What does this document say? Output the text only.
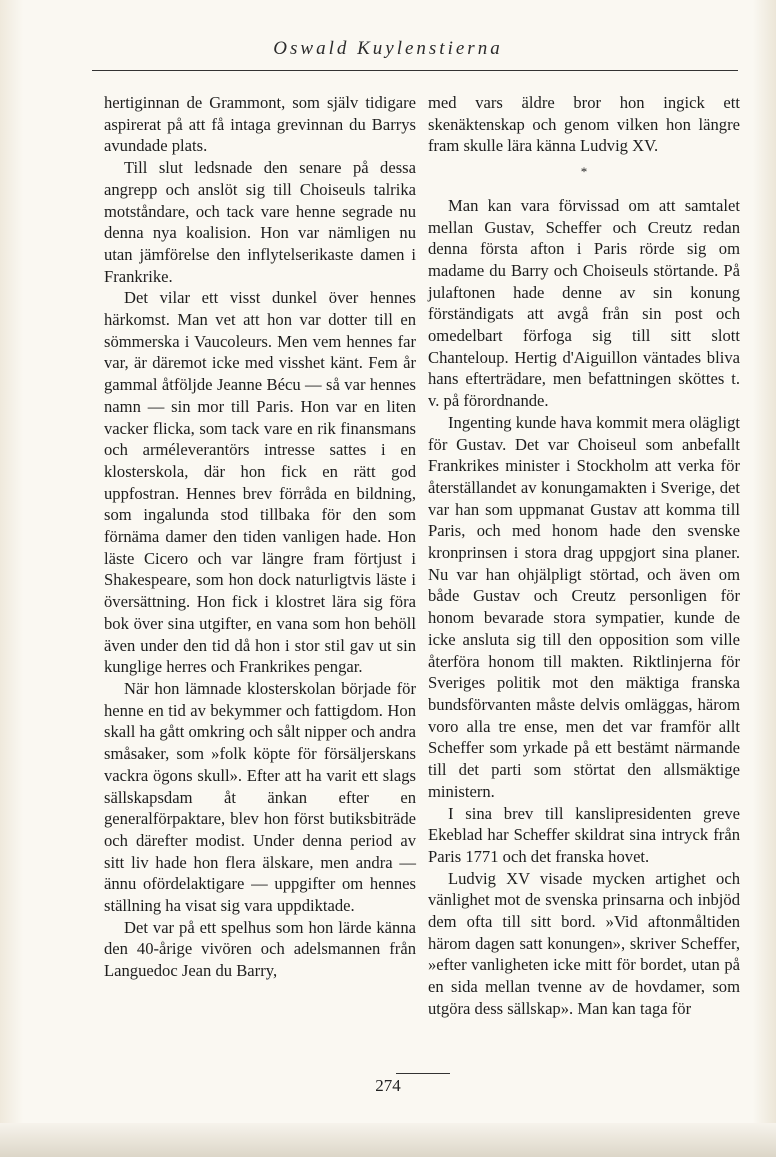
Oswald Kuylenstierna

hertiginnan de Grammont, som själv tidigare aspirerat på att få intaga grevinnan du Barrys avundade plats.

Till slut ledsnade den senare på dessa angrepp och anslöt sig till Choiseuls talrika motståndare, och tack vare henne segrade nu denna nya koalision. Hon var nämligen nu utan jämförelse den inflytelserikaste damen i Frankrike.

Det vilar ett visst dunkel över hennes härkomst. Man vet att hon var dotter till en sömmerska i Vaucoleurs. Men vem hennes far var, är däremot icke med visshet känt. Fem år gammal åtföljde Jeanne Bécu — så var hennes namn — sin mor till Paris. Hon var en liten vacker flicka, som tack vare en rik finansmans och arméleverantörs intresse sattes i en klosterskola, där hon fick en rätt god uppfostran. Hennes brev förråda en bildning, som ingalunda stod tillbaka för den som förnäma damer den tiden vanligen hade. Hon läste Cicero och var längre fram förtjust i Shakespeare, som hon dock naturligtvis läste i översättning. Hon fick i klostret lära sig föra bok över sina utgifter, en vana som hon behöll även under den tid då hon i stor stil gav ut sin kunglige herres och Frankrikes pengar.

När hon lämnade klosterskolan började för henne en tid av bekymmer och fattigdom. Hon skall ha gått omkring och sålt nipper och andra småsaker, som »folk köpte för försäljerskans vackra ögons skull». Efter att ha varit ett slags sällskapsdam åt änkan efter en generalförpaktare, blev hon först butiksbiträde och därefter modist. Under denna period av sitt liv hade hon flera älskare, men andra — ännu ofördelaktigare — uppgifter om hennes ställning ha visat sig vara uppdiktade.

Det var på ett spelhus som hon lärde känna den 40-årige vivören och adelsmannen från Languedoc Jean du Barry,

med vars äldre bror hon ingick ett skenäktenskap och genom vilken hon längre fram skulle lära känna Ludvig XV.

*

Man kan vara förvissad om att samtalet mellan Gustav, Scheffer och Creutz redan denna första afton i Paris rörde sig om madame du Barry och Choiseuls störtande. På julaftonen hade denne av sin konung förständigats att avgå från sin post och omedelbart förfoga sig till sitt slott Chanteloup. Hertig d'Aiguillon väntades bliva hans efterträdare, men befattningen sköttes t. v. på förordnande.

Ingenting kunde hava kommit mera olägligt för Gustav. Det var Choiseul som anbefallt Frankrikes minister i Stockholm att verka för återställandet av konungamakten i Sverige, det var han som uppmanat Gustav att komma till Paris, och med honom hade den svenske kronprinsen i stora drag uppgjort sina planer. Nu var han ohjälpligt störtad, och även om både Gustav och Creutz personligen för honom bevarade stora sympatier, kunde de icke ansluta sig till den opposition som ville återföra honom till makten. Riktlinjerna för Sveriges politik mot den mäktiga franska bundsförvanten måste delvis omläggas, härom voro alla tre ense, men det var framför allt Scheffer som yrkade på ett bestämt närmande till det parti som störtat den allsmäktige ministern.

I sina brev till kanslipresidenten greve Ekeblad har Scheffer skildrat sina intryck från Paris 1771 och det franska hovet.

Ludvig XV visade mycken artighet och vänlighet mot de svenska prinsarna och inbjöd dem ofta till sitt bord. »Vid aftonmåltiden härom dagen satt konungen», skriver Scheffer, »efter vanligheten icke mitt för bordet, utan på en sida mellan tvenne av de hovdamer, som utgöra dess sällskap». Man kan taga för

274
